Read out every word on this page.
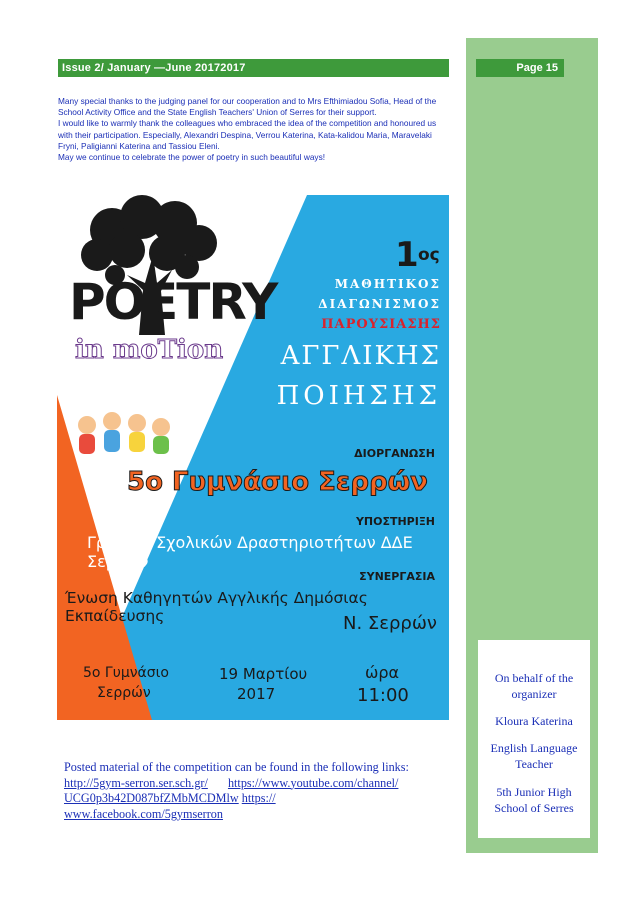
Issue 2/ January —June 20172017	Page 15

Many special thanks to the judging panel for our cooperation and to Mrs Efthimiadou Sofia, Head of the School Activity Office and the State English Teachers' Union of Serres for their support.

I would like to warmly thank the colleagues who embraced the idea of the competition and honoured us with their participation. Especially, Alexandri Despina, Verrou Katerina, Kata-kalidou Maria, Maravelaki Fryni, Paligianni Katerina and Tassiou Eleni.

May we continue to celebrate the power of poetry in such beautiful ways!

POETRY
in moTion
1 ος
ΜΑΘΗΤΙΚΟΣ
ΔΙΑΓΩΝΙΣΜΟΣ
ΠΑΡΟΥΣΙΑΣΗΣ
ΑΓΓΛΙΚΗΣ
ΠΟΙΗΣΗΣ
ΔΙΟΡΓΑΝΩΣΗ
5ο Γυμνάσιο Σερρών
ΥΠΟΣΤΗΡΙΞΗ
Γραφείο Σχολικών Δραστηριοτήτων ΔΔΕ Σερρών
ΣΥΝΕΡΓΑΣΙΑ
Ένωση Καθηγητών Αγγλικής Δημόσιας Εκπαίδευσης	Ν. Σερρών
5ο Γυμνάσιο
Σερρών
19 Μαρτίου
2017
ώρα
11:00
Posted material of the competition can be found in the following links:
http://5gym-serron.ser.sch.gr/ https://www.youtube.com/channel/
UCG0p3b42D087bfZMbMCDMlw https://
www.facebook.com/5gymserron
On behalf of the
organizer
Kloura Katerina
English Language
Teacher
5th Junior High
School of Serres
